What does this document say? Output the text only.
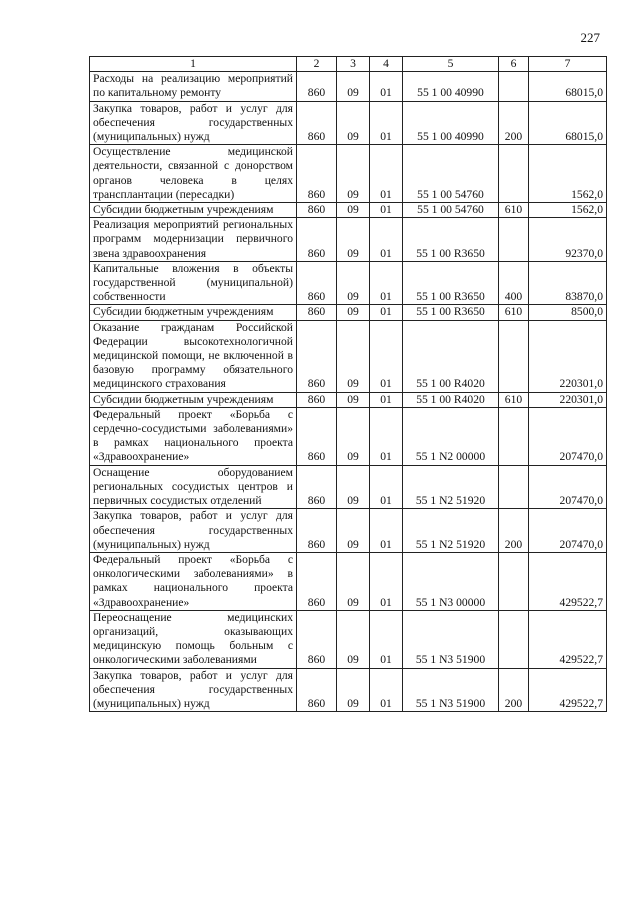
227
1	2	3	4	5	6	7
Расходы на реализацию мероприятий по капитальному ремонту	860	09	01	55 1 00 40990		68015,0
Закупка товаров, работ и услуг для обеспечения государственных (муниципальных) нужд	860	09	01	55 1 00 40990	200	68015,0
Осуществление медицинской деятельности, связанной с донорством органов человека в целях трансплантации (пересадки)	860	09	01	55 1 00 54760		1562,0
Субсидии бюджетным учреждениям	860	09	01	55 1 00 54760	610	1562,0
Реализация мероприятий региональных программ модернизации первичного звена здравоохранения	860	09	01	55 1 00 R3650		92370,0
Капитальные вложения в объекты государственной (муниципальной) собственности	860	09	01	55 1 00 R3650	400	83870,0
Субсидии бюджетным учреждениям	860	09	01	55 1 00 R3650	610	8500,0
Оказание гражданам Российской Федерации высокотехнологичной медицинской помощи, не включенной в базовую программу обязательного медицинского страхования	860	09	01	55 1 00 R4020		220301,0
Субсидии бюджетным учреждениям	860	09	01	55 1 00 R4020	610	220301,0
Федеральный проект «Борьба с сердечно-сосудистыми заболеваниями» в рамках национального проекта «Здравоохранение»	860	09	01	55 1 N2 00000		207470,0
Оснащение оборудованием региональных сосудистых центров и первичных сосудистых отделений	860	09	01	55 1 N2 51920		207470,0
Закупка товаров, работ и услуг для обеспечения государственных (муниципальных) нужд	860	09	01	55 1 N2 51920	200	207470,0
Федеральный проект «Борьба с онкологическими заболеваниями» в рамках национального проекта «Здравоохранение»	860	09	01	55 1 N3 00000		429522,7
Переоснащение медицинских организаций, оказывающих медицинскую помощь больным с онкологическими заболеваниями	860	09	01	55 1 N3 51900		429522,7
Закупка товаров, работ и услуг для обеспечения государственных (муниципальных) нужд	860	09	01	55 1 N3 51900	200	429522,7
